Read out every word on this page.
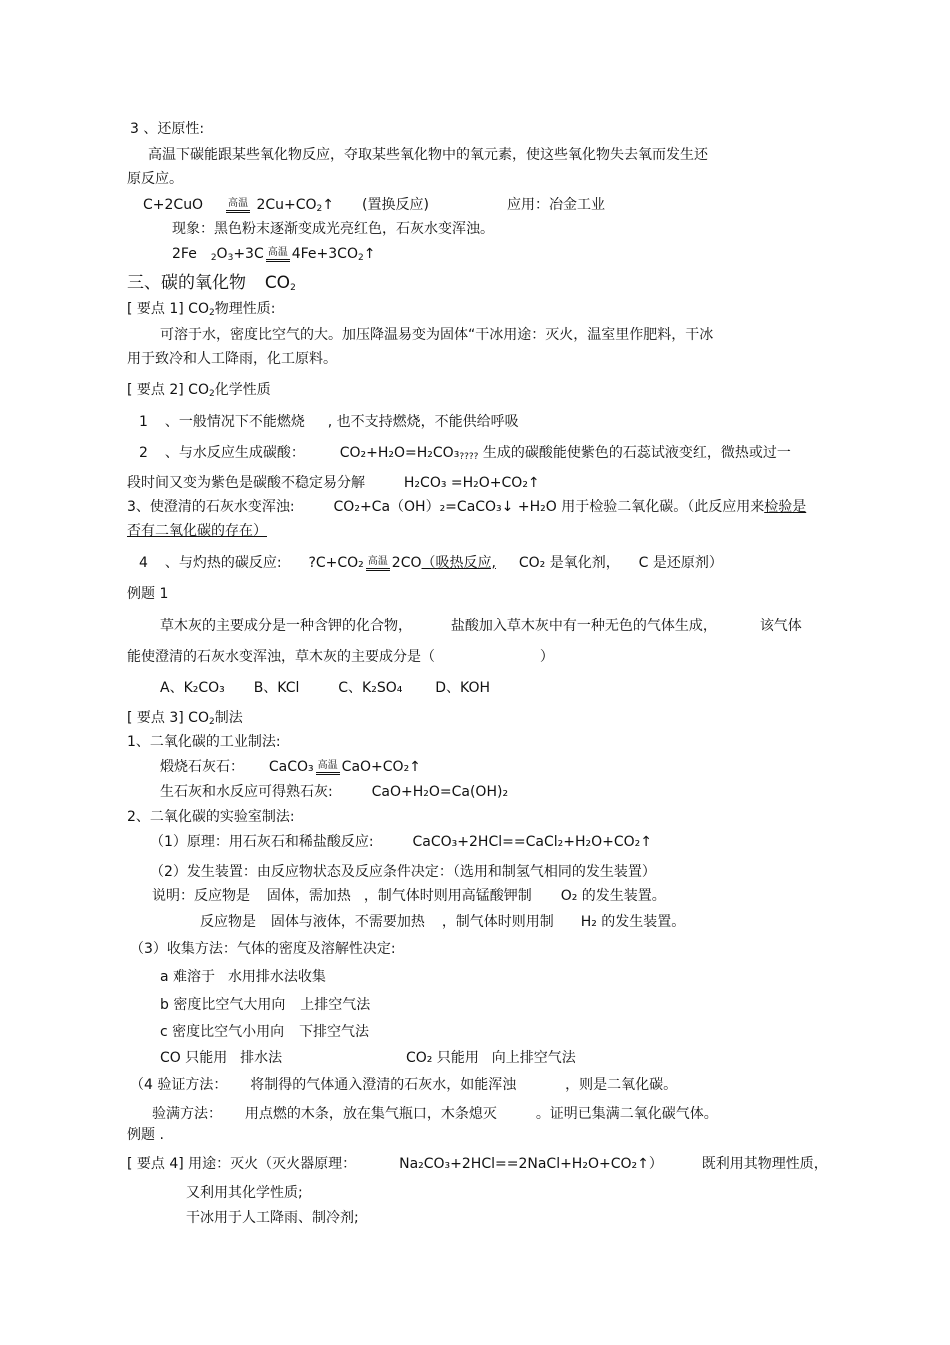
3 、还原性:
高温下碳能跟某些氧化物反应，夺取某些氧化物中的氧元素，使这些氧化物失去氧而发生还
原反应。
C+2CuO 高温 $2Cu+CO_2↑$ (置换反应)	应用：冶金工业
现象：黑色粉末逐渐变成光亮红色，石灰水变浑浊。
2Fe $_2O_3+3C$ 高温 $4Fe+3CO_2↑$
三、碳的氧化物 $CO_2$
[ 要点 1] $CO_2$物理性质:
可溶于水，密度比空气的大。加压降温易变为固体“干冰用途：灭火，温室里作肥料，干冰
用于致冷和人工降雨，化工原料。
[ 要点 2] $CO_2$化学性质
1 、一般情况下不能燃烧 , 也不支持燃烧，不能供给呼吸
2 、与水反应生成碳酸： $CO_2+H_2O=H_2CO_3_{????}$ 生成的碳酸能使紫色的石蕊试液变红，微热或过一
段时间又变为紫色是碳酸不稳定易分解	H₂CO₃ =H₂O+CO₂↑
3、使澄清的石灰水变浑浊:	CO₂+Ca（OH）₂=CaCO₃↓ +H₂O 用于检验二氧化碳。（此反应用来检验是
否有二氧化碳的存在）
4 、与灼热的碳反应: ?C+CO₂ 高温 2CO（吸热反应, CO₂ 是氧化剂， C 是还原剂）
例题 1
草木灰的主要成分是一种含钾的化合物，	盐酸加入草木灰中有一种无色的气体生成，	该气体
能使澄清的石灰水变浑浊，草木灰的主要成分是（	）
A、K₂CO₃ B、KCl	C、K₂SO₄ D、KOH
[ 要点 3] $CO_2$制法
1、二氧化碳的工业制法:
煅烧石灰石： CaCO₃ 高温 CaO+CO₂↑
生石灰和水反应可得熟石灰:	CaO+H₂O=Ca(OH)₂
2、二氧化碳的实验室制法:
（1）原理：用石灰石和稀盐酸反应:	CaCO₃+2HCl==CaCl₂+H₂O+CO₂↑
（2）发生装置：由反应物状态及反应条件决定：（选用和制氢气相同的发生装置）
说明：反应物是 固体，需加热 ，制气体时则用高锰酸钾制 O₂ 的发生装置。
反应物是 固体与液体，不需要加热 ，制气体时则用制 H₂ 的发生装置。
（3）收集方法：气体的密度及溶解性决定:
a 难溶于 水用排水法收集
b 密度比空气大用向 上排空气法
c 密度比空气小用向 下排空气法
CO 只能用 排水法	CO₂ 只能用 向上排空气法
（4 验证方法： 将制得的气体通入澄清的石灰水，如能浑浊	，则是二氧化碳。
验满方法： 用点燃的木条，放在集气瓶口，木条熄灭	。证明已集满二氧化碳气体。
例题 .
[ 要点 4] 用途：灭火（灭火器原理：	Na₂CO₃+2HCl==2NaCl+H₂O+CO₂↑）	既利用其物理性质，
又利用其化学性质;
干冰用于人工降雨、制冷剂;
